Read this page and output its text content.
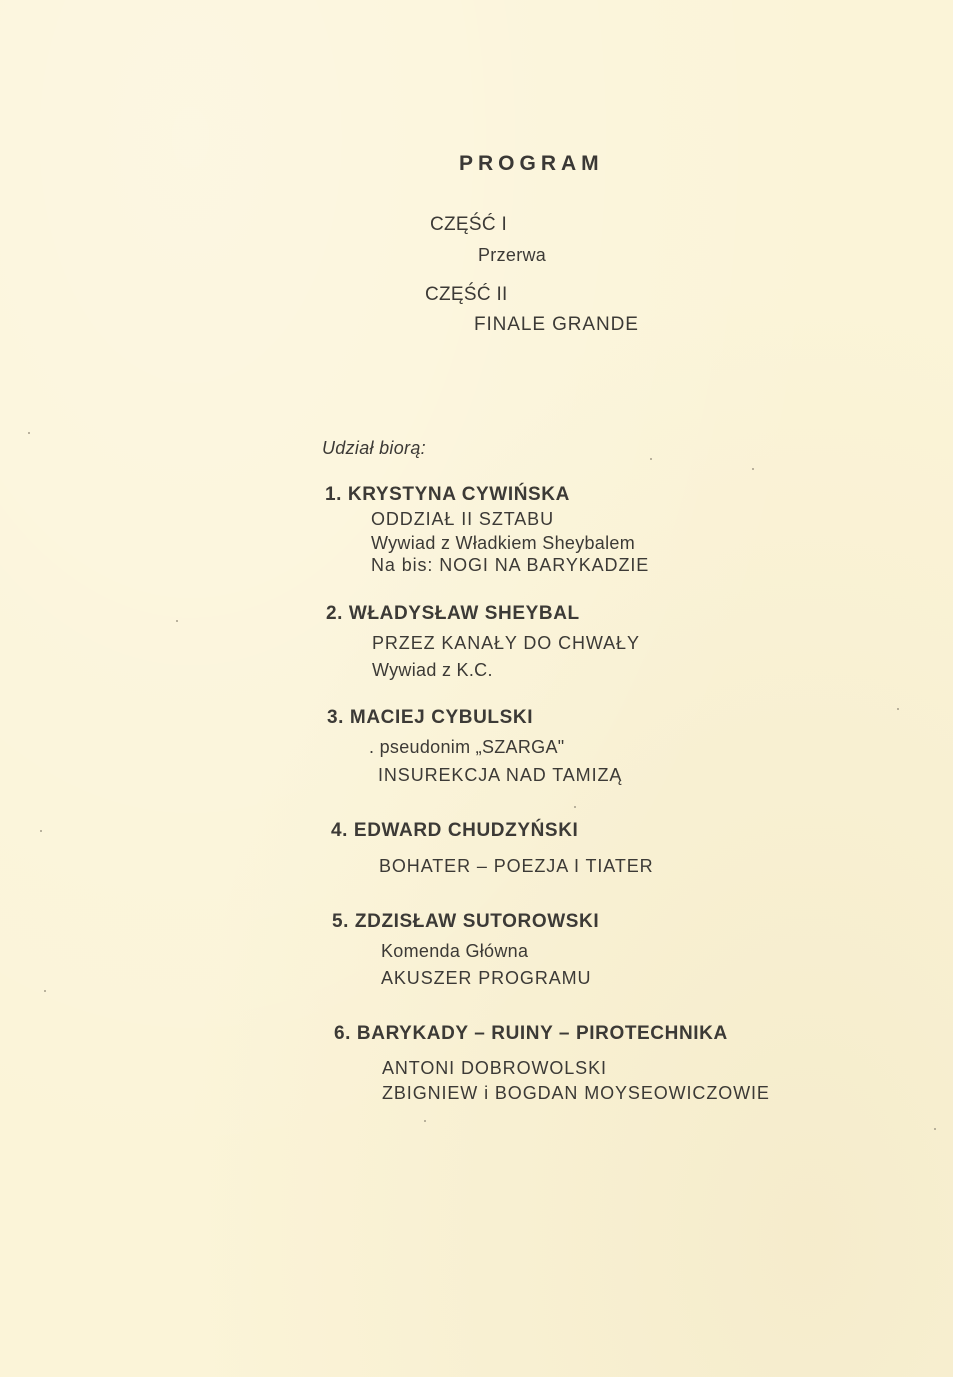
PROGRAM
CZĘŚĆ I
Przerwa
CZĘŚĆ II
FINALE GRANDE
Udział biorą:
1. KRYSTYNA CYWIŃSKA
ODDZIAŁ II SZTABU
Wywiad z Władkiem Sheybalem
Na bis: NOGI NA BARYKADZIE
2. WŁADYSŁAW SHEYBAL
PRZEZ KANAŁY DO CHWAŁY
Wywiad z K.C.
3. MACIEJ CYBULSKI
. pseudonim „SZARGA"
INSUREKCJA NAD TAMIZĄ
4. EDWARD CHUDZYŃSKI
BOHATER – POEZJA I TIATER
5. ZDZISŁAW SUTOROWSKI
Komenda Główna
AKUSZER PROGRAMU
6. BARYKADY – RUINY – PIROTECHNIKA
ANTONI DOBROWOLSKI
ZBIGNIEW i BOGDAN MOYSEOWICZOWIE
